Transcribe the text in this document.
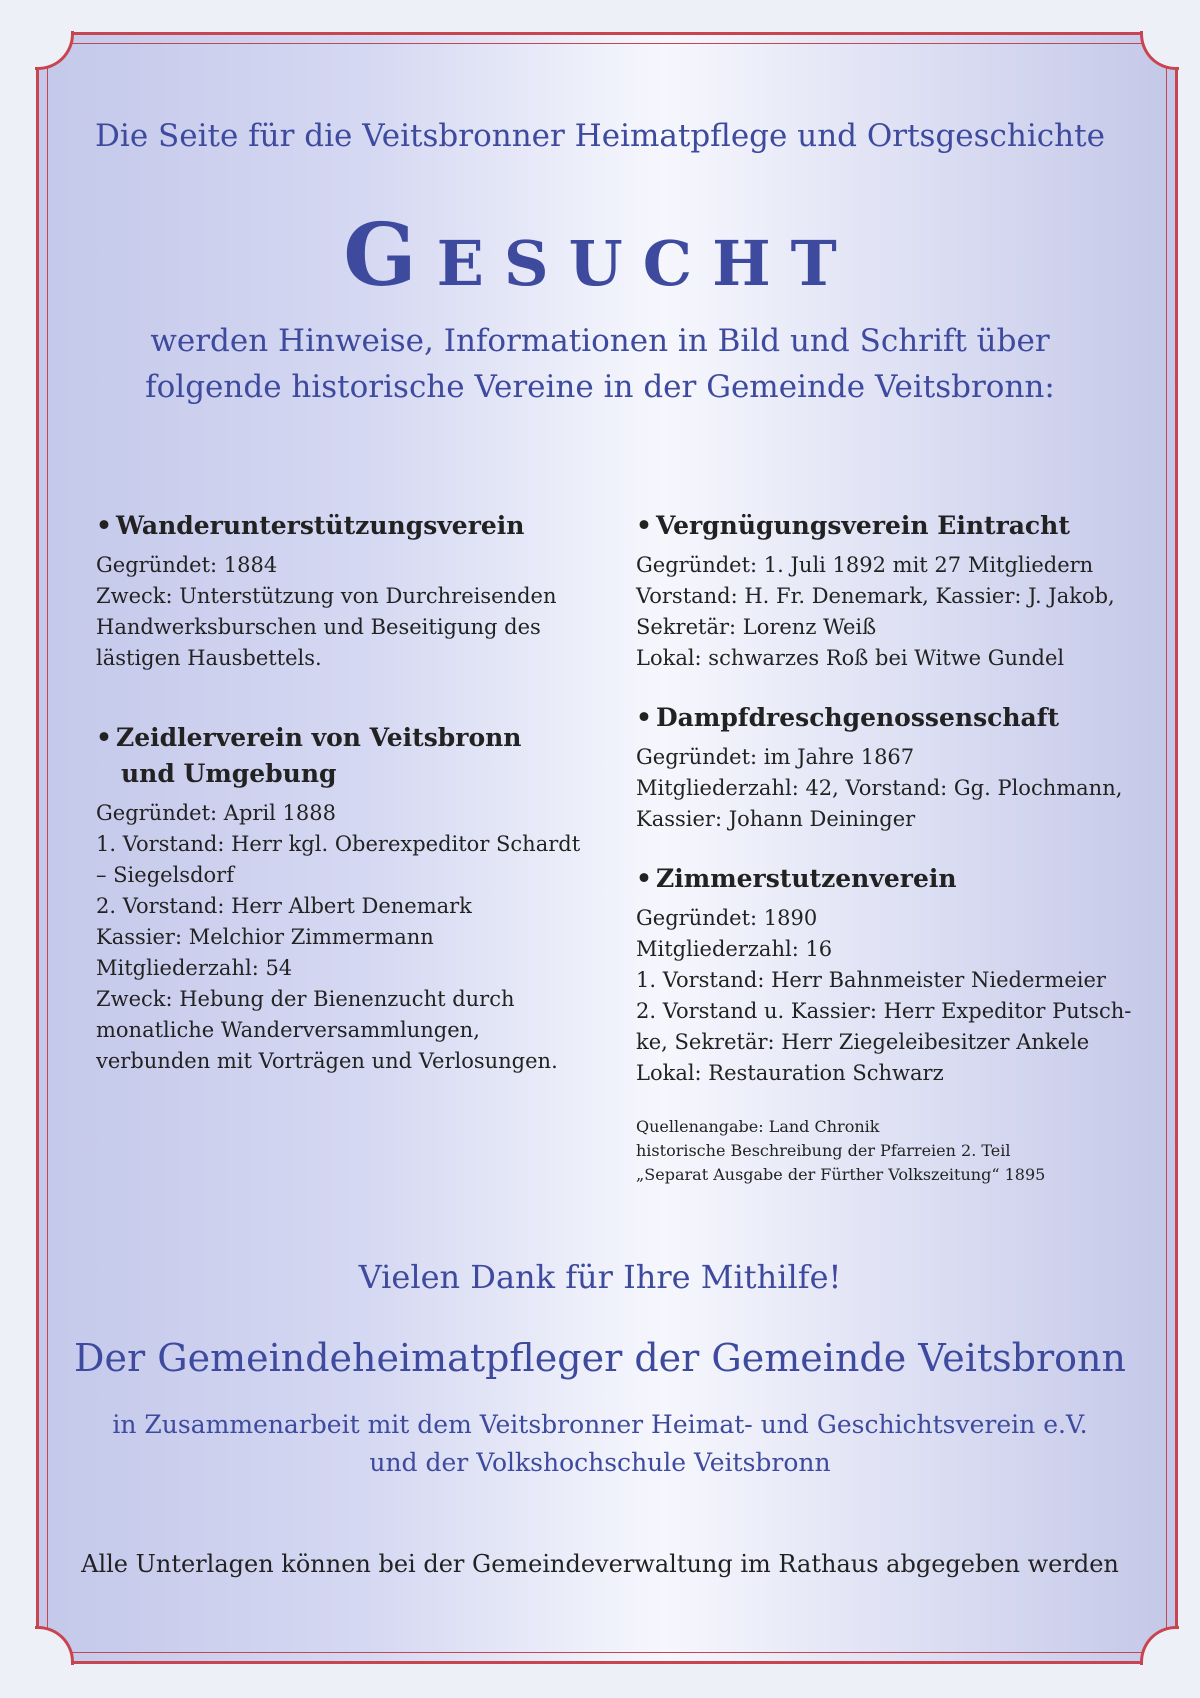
Die Seite für die Veitsbronner Heimatpflege und Ortsgeschichte
GESUCHT
werden Hinweise, Informationen in Bild und Schrift über
folgende historische Vereine in der Gemeinde Veitsbronn:
• Wanderunterstützungsverein
Gegründet: 1884
Zweck: Unterstützung von Durchreisenden
Handwerksburschen und Beseitigung des
lästigen Hausbettels.
• Zeidlerverein von Veitsbronn
und Umgebung
Gegründet: April 1888
1. Vorstand: Herr kgl. Oberexpeditor Schardt
– Siegelsdorf
2. Vorstand: Herr Albert Denemark
Kassier: Melchior Zimmermann
Mitgliederzahl: 54
Zweck: Hebung der Bienenzucht durch
monatliche Wanderversammlungen,
verbunden mit Vorträgen und Verlosungen.
• Vergnügungsverein Eintracht
Gegründet: 1. Juli 1892 mit 27 Mitgliedern
Vorstand: H. Fr. Denemark, Kassier: J. Jakob,
Sekretär: Lorenz Weiß
Lokal: schwarzes Roß bei Witwe Gundel
• Dampfdreschgenossenschaft
Gegründet: im Jahre 1867
Mitgliederzahl: 42, Vorstand: Gg. Plochmann,
Kassier: Johann Deininger
• Zimmerstutzenverein
Gegründet: 1890
Mitgliederzahl: 16
1. Vorstand: Herr Bahnmeister Niedermeier
2. Vorstand u. Kassier: Herr Expeditor Putsch-
ke, Sekretär: Herr Ziegeleibesitzer Ankele
Lokal: Restauration Schwarz
Quellenangabe: Land Chronik
historische Beschreibung der Pfarreien 2. Teil
„Separat Ausgabe der Fürther Volkszeitung“ 1895
Vielen Dank für Ihre Mithilfe!
Der Gemeindeheimatpfleger der Gemeinde Veitsbronn
in Zusammenarbeit mit dem Veitsbronner Heimat- und Geschichtsverein e.V.
und der Volkshochschule Veitsbronn
Alle Unterlagen können bei der Gemeindeverwaltung im Rathaus abgegeben werden
